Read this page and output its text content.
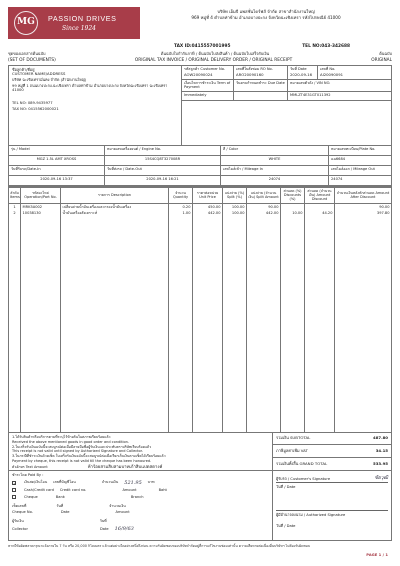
MG PASSION DRIVES
Since 1924
บริษัท เอ็มจี แพสชั่นไดร์ฟส์ จำกัด สาขาสำนักงานใหญ่
969 หมู่ที่ 4 ตำบลท่าข้าม อำเภอบางปะกง จังหวัดฉะเชิงเทรา รหัสไปรษณีย์ 41000
TAX ID:0415557001995	TEL NO:043-342688
ชุดของเอกสารต้นฉบับ	ต้นฉบับใบกำกับภาษี / ต้นฉบับใบส่งสินค้า / ต้นฉบับใบเสร็จรับเงิน	ต้นฉบับ
(SET OF DOCUMENTS)	ORIGINAL TAX INVOICE / ORIGINAL DELIVERY ORDER / ORIGINAL RECEIPT	ORIGINAL
ชื่อลูกค้า/ที่อยู่
CUSTOMER NAME/ADDRESS
บริษัท ฉะเชิงเทรามั่นคง จำกัด (สำนักงานใหญ่)
99 หมู่ที่ 1 ถนนบางปะกง-ฉะเชิงเทรา ตำบลท่าข้าม อำเภอบางปะกง จังหวัดฉะเชิงเทรา ฉะเชิงเทรา 41000
TEL NO: 089-9435977
TAX NO: 0415562000021
รหัสลูกค้า Customer No.
AOW20090024
เลขที่ใบสั่งซ่อม RO No.
ARO20090160
วันที่ Date
2020-09-16
เลขที่ No.
AI20090091
เงื่อนไขการชำระเงิน Term of Payment
วันครบกำหนดชำระ Due Date	หมายเลขตัวถัง / VIN NO.
Immediately	MMLZT4E31GT011392
รุ่น / Model	หมายเลขเครื่องยนต์ / Engine No.	สี / Color	หมายเลขทะเบียน/Plate No.
MGZ 1.5L AMT XROSS	15S4CQ8T327008R	WHITE	ฉฉ6684
วันที่รับรถ/Date-In	วันที่ส่งรถ / Date-Out	เลขไมล์เข้า / Mileage In	เลขไมล์ออก / Mileage Out
2020-09-16 13:37	2020-09-16 16:21	24074	24074
ลำดับ Items	รหัสอะไหล่ Operation/Part No.	รายการ Description	จำนวน Quantity	ราคาต่อหน่วย Unit Price	แบ่งจ่าย (%) Split (%)	แบ่งจ่าย (จำนวนเงิน) Split Amount	ส่วนลด (%) Discounts (%)	ส่วนลด (จำนวนเงิน) Amount Discount	จำนวนเงินหลังหักส่วนลด Amount After Discount
1	MRK5A002	เปลี่ยนถ่ายน้ำมันเครื่องและกรองน้ำมันเครื่อง	0.20	450.00	100.00	90.00			90.00
2	10038130	น้ำมันเครื่องสังเคราะห์	1.00	442.00	100.00	442.00	10.00	44.20	397.80

1.ได้รับสินค้าหรือบริการตามที่ระบุไว้ข้างต้นในสภาพเรียบร้อยแล้ว
Received the above mentioned goods in good order and condition.
2.ใบเสร็จรับเงินฉบับนี้จะสมบูรณ์ต่อเมื่อมีลายมือชื่อผู้รับเงินและประทับตราบริษัทเรียบร้อยแล้ว
This receipt is not valid until signed by Authorized Signature and Collector.
3.ในกรณีที่ชำระเงินด้วยเช็ค ใบเสร็จรับเงินฉบับนี้จะสมบูรณ์ต่อเมื่อเรียกเก็บเงินตามเช็คได้เรียบร้อยแล้ว
Payment by cheque, this receipt is not valid till the cheque has been honoured.
ตัวอักษร Text Amount	ห้าร้อยสามสิบสามบาทเก้าสิบแปดสตางค์
รวมเงิน SUBTOTAL	487.80
ภาษีมูลค่าเพิ่ม VAT	34.15
รวมเงินทั้งสิ้น GRAND TOTAL	533.95
ชำระโดย Paid By :
✓
เงินสด/เงินโอน เลขที่บัญชีโอน	จำนวนเงิน 521.95 บาท
Cash/Credit card Credit card no.	Amount	Baht
Cheque	Bank	Branch
เช็คเลขที่	วันที่	จำนวนเงิน
Cheque No.	Date	Amount
ผู้รับเงิน	วันที่
Collector	Date 16/9/63
ผู้รับรถ / Customer's Signature	ชัยวุฒิ
วันที่ / Date
ผู้มีอำนาจลงนาม / Authorized Signature
วันที่ / Date
หากมีข้อผิดพลาดกรุณาแจ้งภายใน 7 วัน หรือ 20,000 กิโลเมตร แล้วแต่อย่างใดอย่างหนึ่งถึงก่อน ความรับผิดชอบของบริษัทจำกัดอยู่ที่การแก้ไขงานซ่อมเท่านั้น ความเสียหายต่อเนื่องอื่นบริษัทฯ ไม่ต้องรับผิดชอบ
PAGE 1 / 1
